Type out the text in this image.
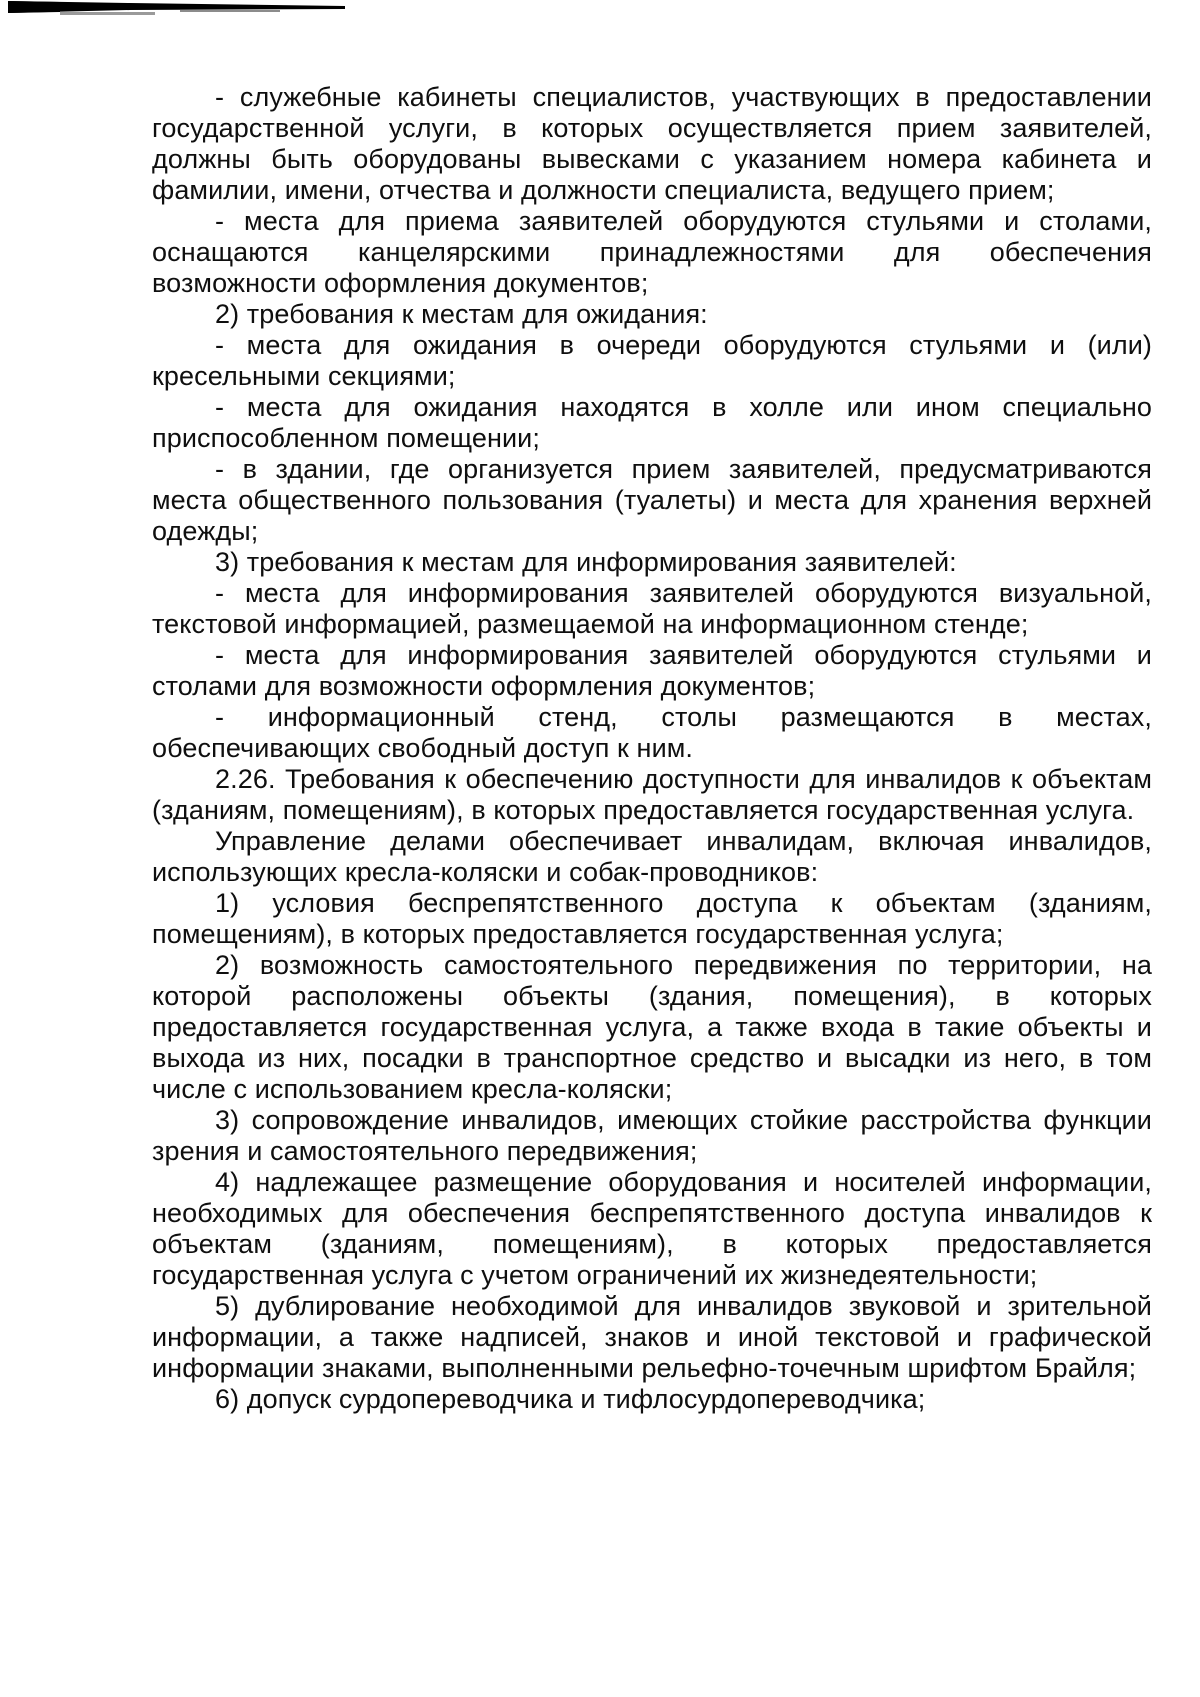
- служебные кабинеты специалистов, участвующих в предоставлении государственной услуги, в которых осуществляется прием заявителей, должны быть оборудованы вывесками с указанием номера кабинета и фамилии, имени, отчества и должности специалиста, ведущего прием;

- места для приема заявителей оборудуются стульями и столами, оснащаются канцелярскими принадлежностями для обеспечения возможности оформления документов;

2) требования к местам для ожидания:

- места для ожидания в очереди оборудуются стульями и (или) кресельными секциями;

- места для ожидания находятся в холле или ином специально приспособленном помещении;

- в здании, где организуется прием заявителей, предусматриваются места общественного пользования (туалеты) и места для хранения верхней одежды;

3) требования к местам для информирования заявителей:

- места для информирования заявителей оборудуются визуальной, текстовой информацией, размещаемой на информационном стенде;

- места для информирования заявителей оборудуются стульями и столами для возможности оформления документов;

- информационный стенд, столы размещаются в местах, обеспечивающих свободный доступ к ним.

2.26. Требования к обеспечению доступности для инвалидов к объектам (зданиям, помещениям), в которых предоставляется государственная услуга.

Управление делами обеспечивает инвалидам, включая инвалидов, использующих кресла-коляски и собак-проводников:

1) условия беспрепятственного доступа к объектам (зданиям, помещениям), в которых предоставляется государственная услуга;

2) возможность самостоятельного передвижения по территории, на которой расположены объекты (здания, помещения), в которых предоставляется государственная услуга, а также входа в такие объекты и выхода из них, посадки в транспортное средство и высадки из него, в том числе с использованием кресла-коляски;

3) сопровождение инвалидов, имеющих стойкие расстройства функции зрения и самостоятельного передвижения;

4) надлежащее размещение оборудования и носителей информации, необходимых для обеспечения беспрепятственного доступа инвалидов к объектам (зданиям, помещениям), в которых предоставляется государственная услуга с учетом ограничений их жизнедеятельности;

5) дублирование необходимой для инвалидов звуковой и зрительной информации, а также надписей, знаков и иной текстовой и графической информации знаками, выполненными рельефно-точечным шрифтом Брайля;

6) допуск сурдопереводчика и тифлосурдопереводчика;
